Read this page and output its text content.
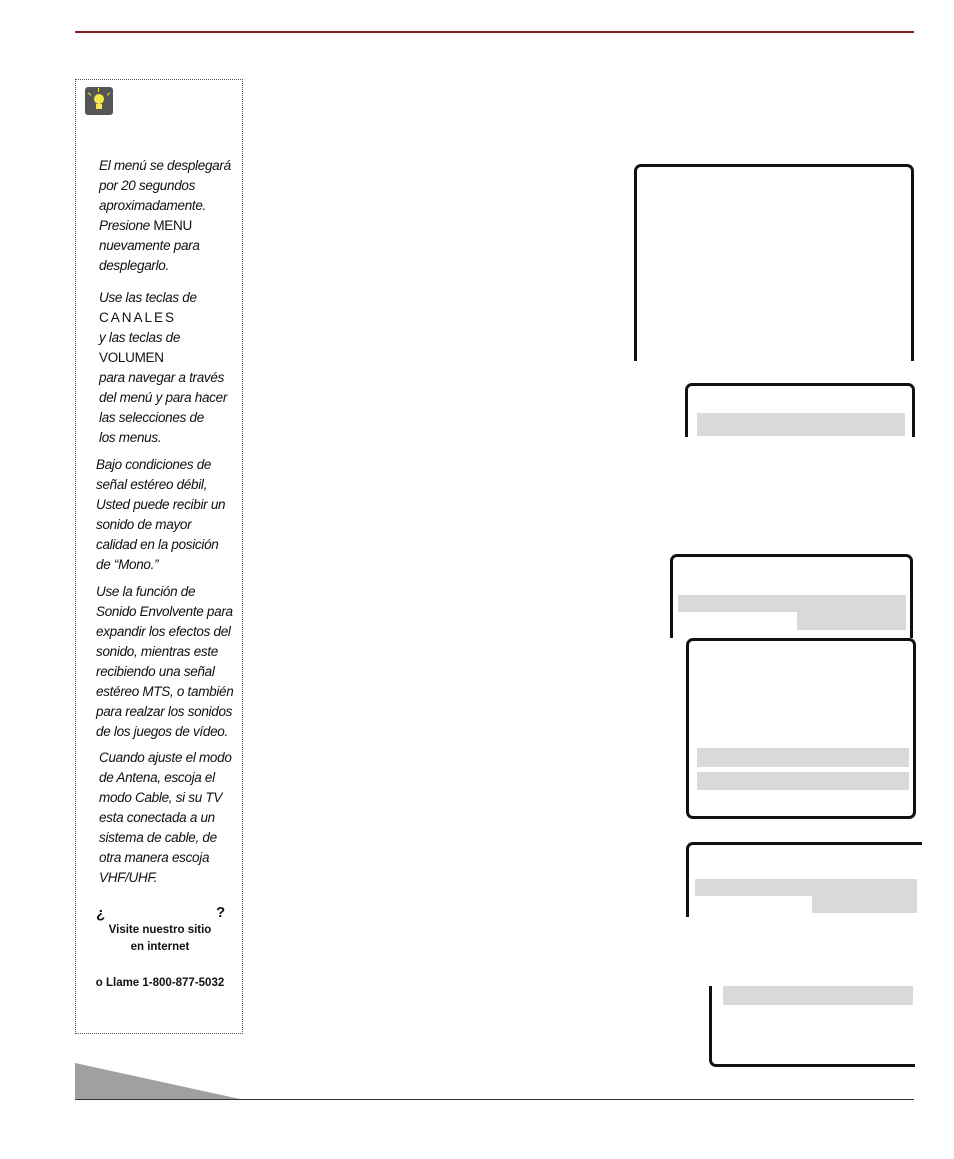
El menú se desplegará
por 20 segundos
aproximadamente.
Presione MENU
nuevamente para
desplegarlo.
Use las teclas de
CANALES
y las teclas de
VOLUMEN
para navegar a través
del menú y para hacer
las selecciones de
los menus.
Bajo condiciones de
señal estéreo débil,
Usted puede recibir un
sonido de mayor
calidad en la posición
de “Mono.”
Use la función de
Sonido Envolvente para
expandir los efectos del
sonido, mientras este
recibiendo una señal
estéreo MTS, o también
para realzar los sonidos
de los juegos de vídeo.
Cuando ajuste el modo
de Antena, escoja el
modo Cable, si su TV
esta conectada a un
sistema de cable, de
otra manera escoja
VHF/UHF.
¿	?
Visite nuestro sitio
en internet
o Llame 1-800-877-5032
